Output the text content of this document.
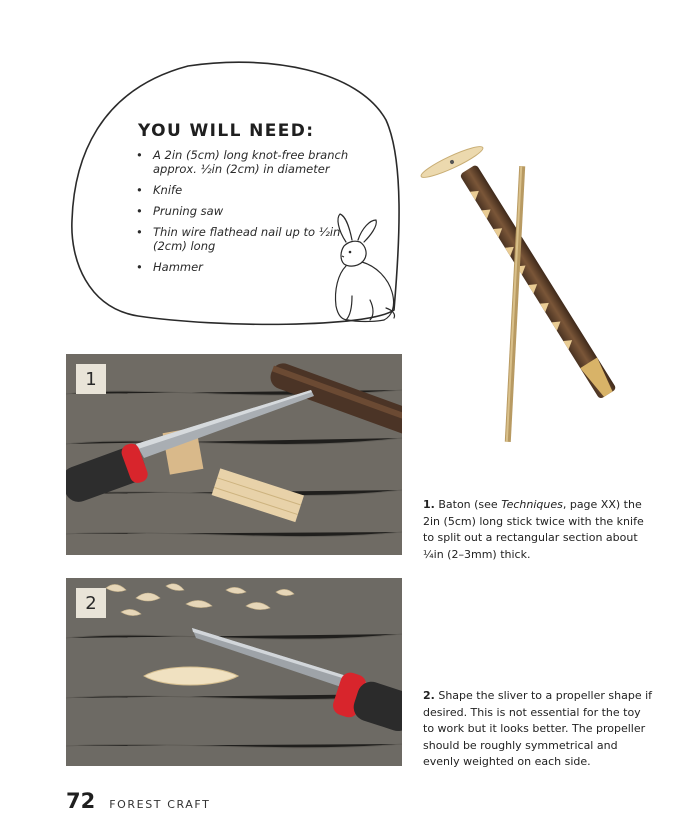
YOU WILL NEED:
• A 2in (5cm) long knot-free branch approx. ½in (2cm) in diameter
• Knife
• Pruning saw
• Thin wire flathead nail up to ¹⁄₂in (2cm) long
• Hammer
1
2

1. Baton (see Techniques, page XX) the 2in (5cm) long stick twice with the knife to split out a rectangular section about ¼in (2–3mm) thick.

2. Shape the sliver to a propeller shape if desired. This is not essential for the toy to work but it looks better. The propeller should be roughly symmetrical and evenly weighted on each side.

72 FOREST CRAFT
